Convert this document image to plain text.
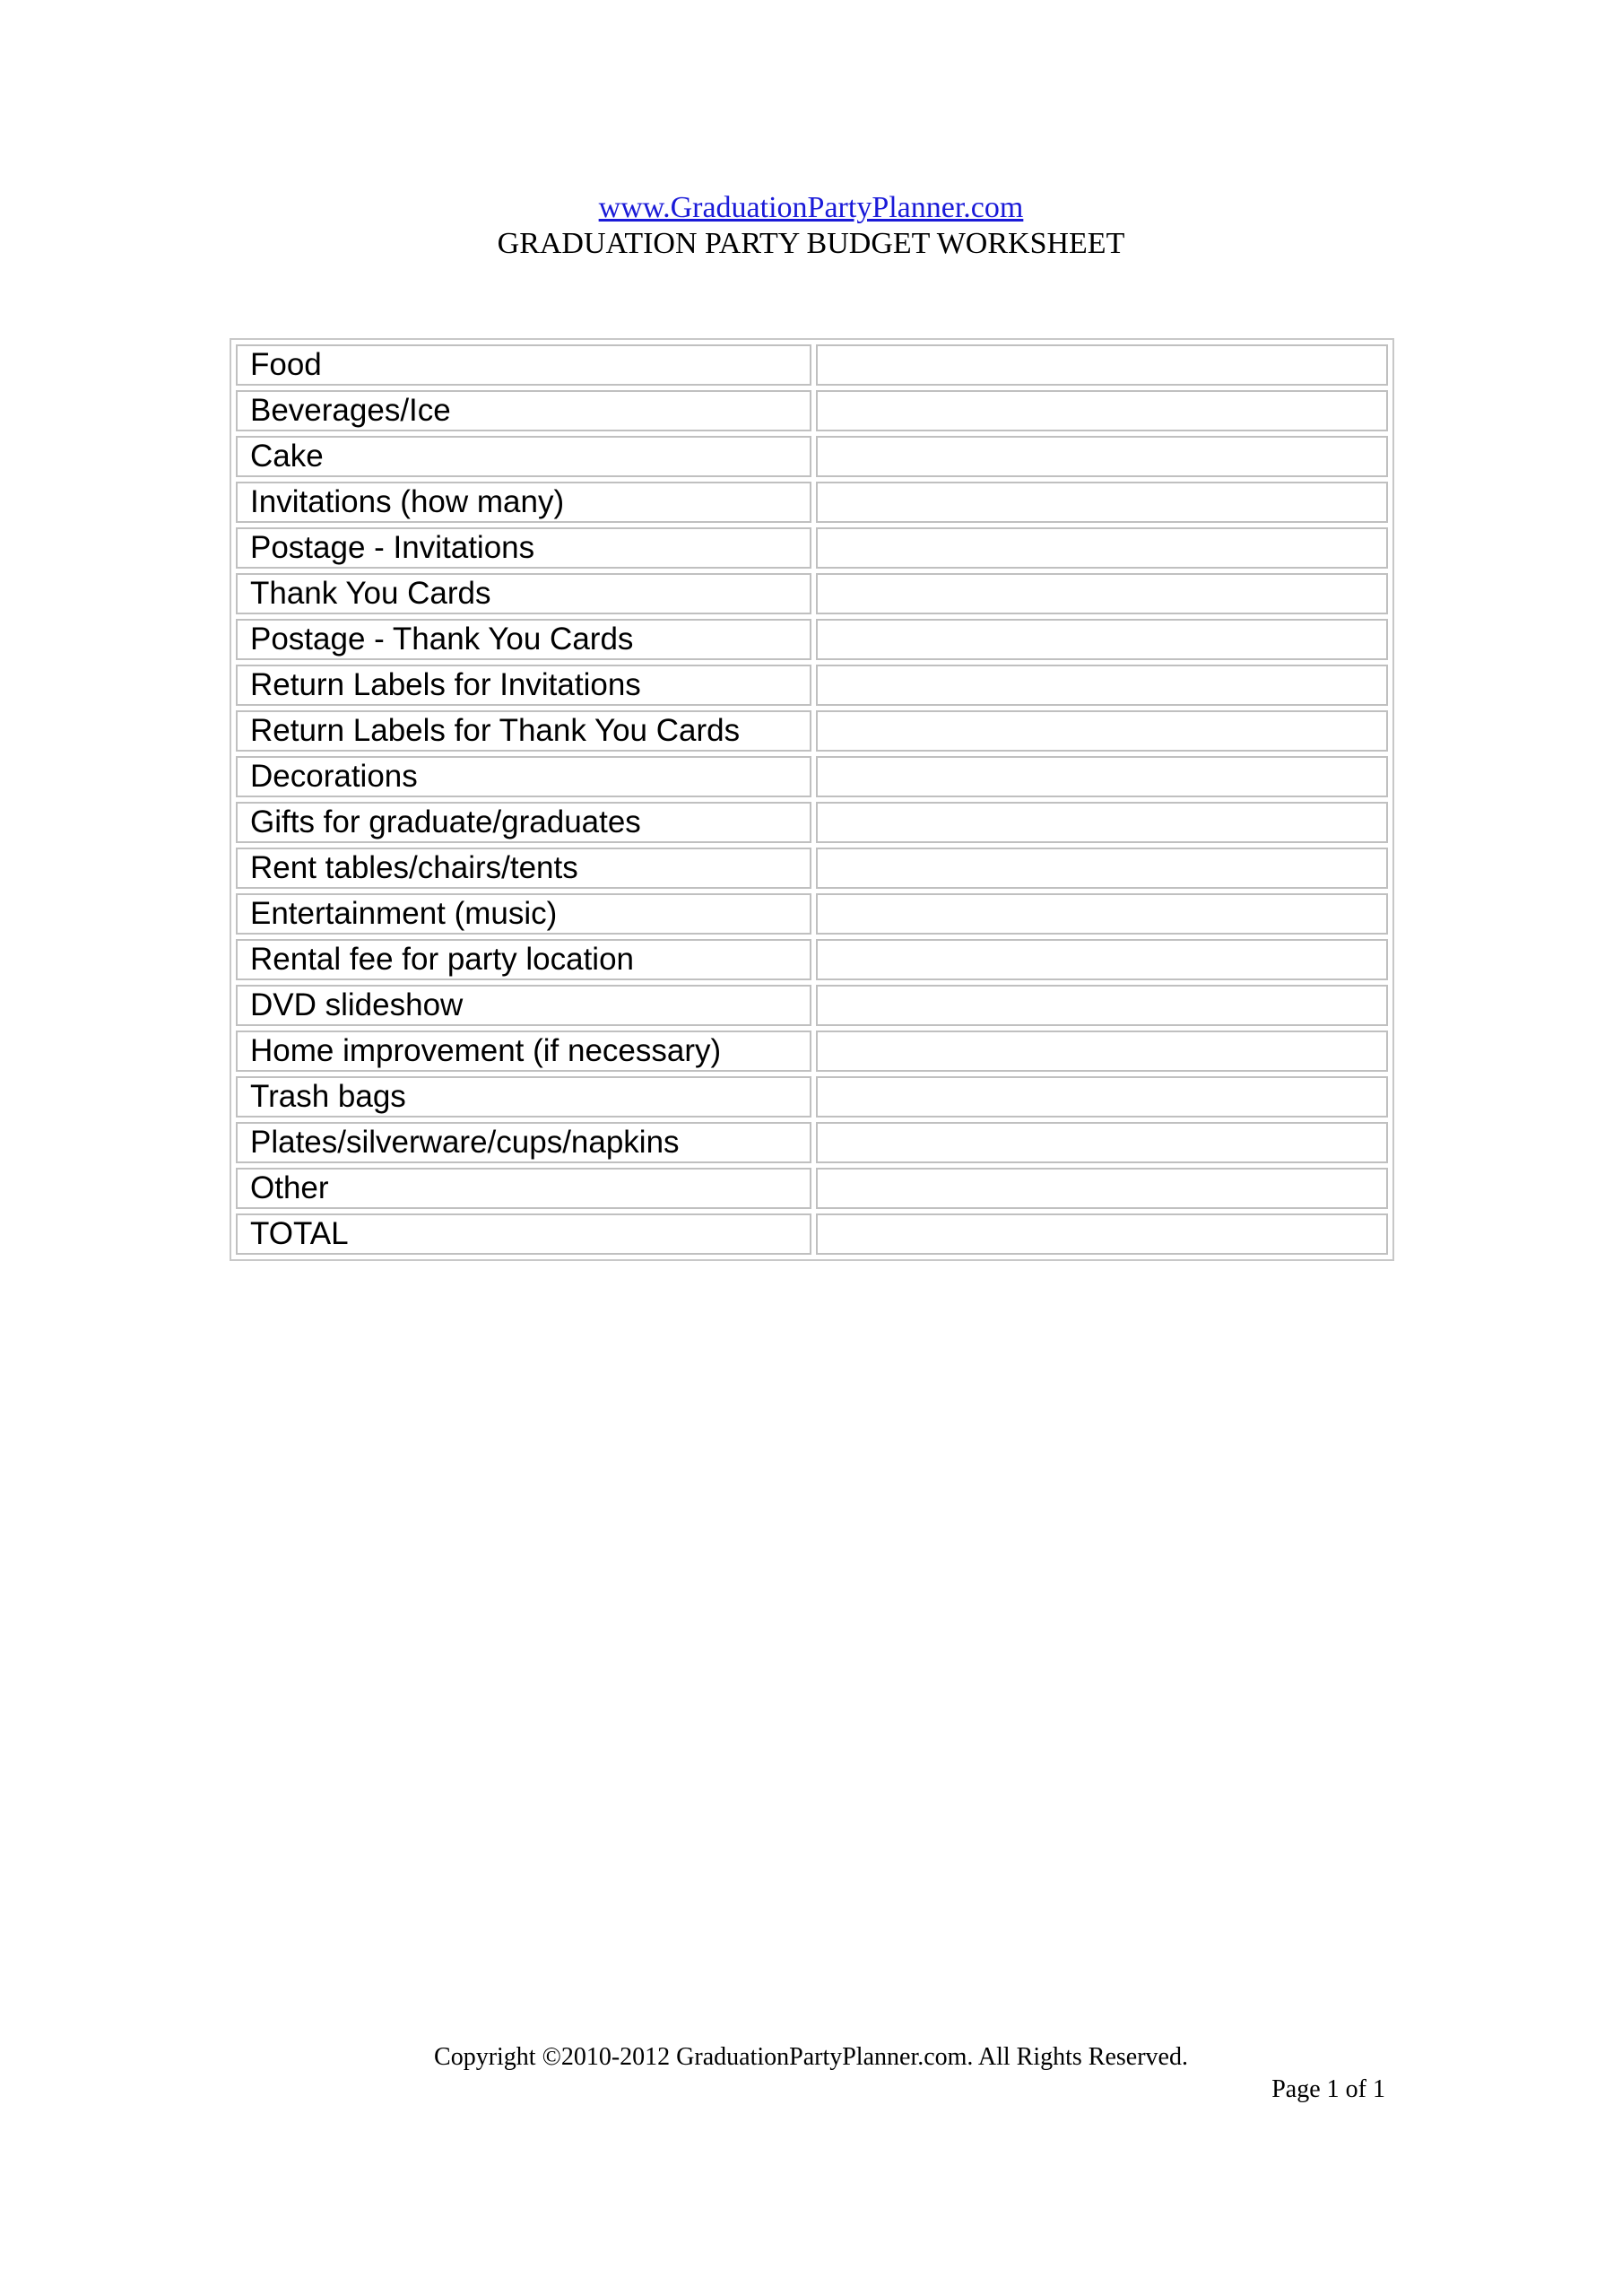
www.GraduationPartyPlanner.com
GRADUATION PARTY BUDGET WORKSHEET
Food	
Beverages/Ice	
Cake	
Invitations (how many)	
Postage - Invitations	
Thank You Cards	
Postage - Thank You Cards	
Return Labels for Invitations	
Return Labels for Thank You Cards	
Decorations	
Gifts for graduate/graduates	
Rent tables/chairs/tents	
Entertainment (music)	
Rental fee for party location	
DVD slideshow	
Home improvement (if necessary)	
Trash bags	
Plates/silverware/cups/napkins	
Other	
TOTAL	
Copyright ©2010-2012 GraduationPartyPlanner.com. All Rights Reserved.
Page 1 of 1
